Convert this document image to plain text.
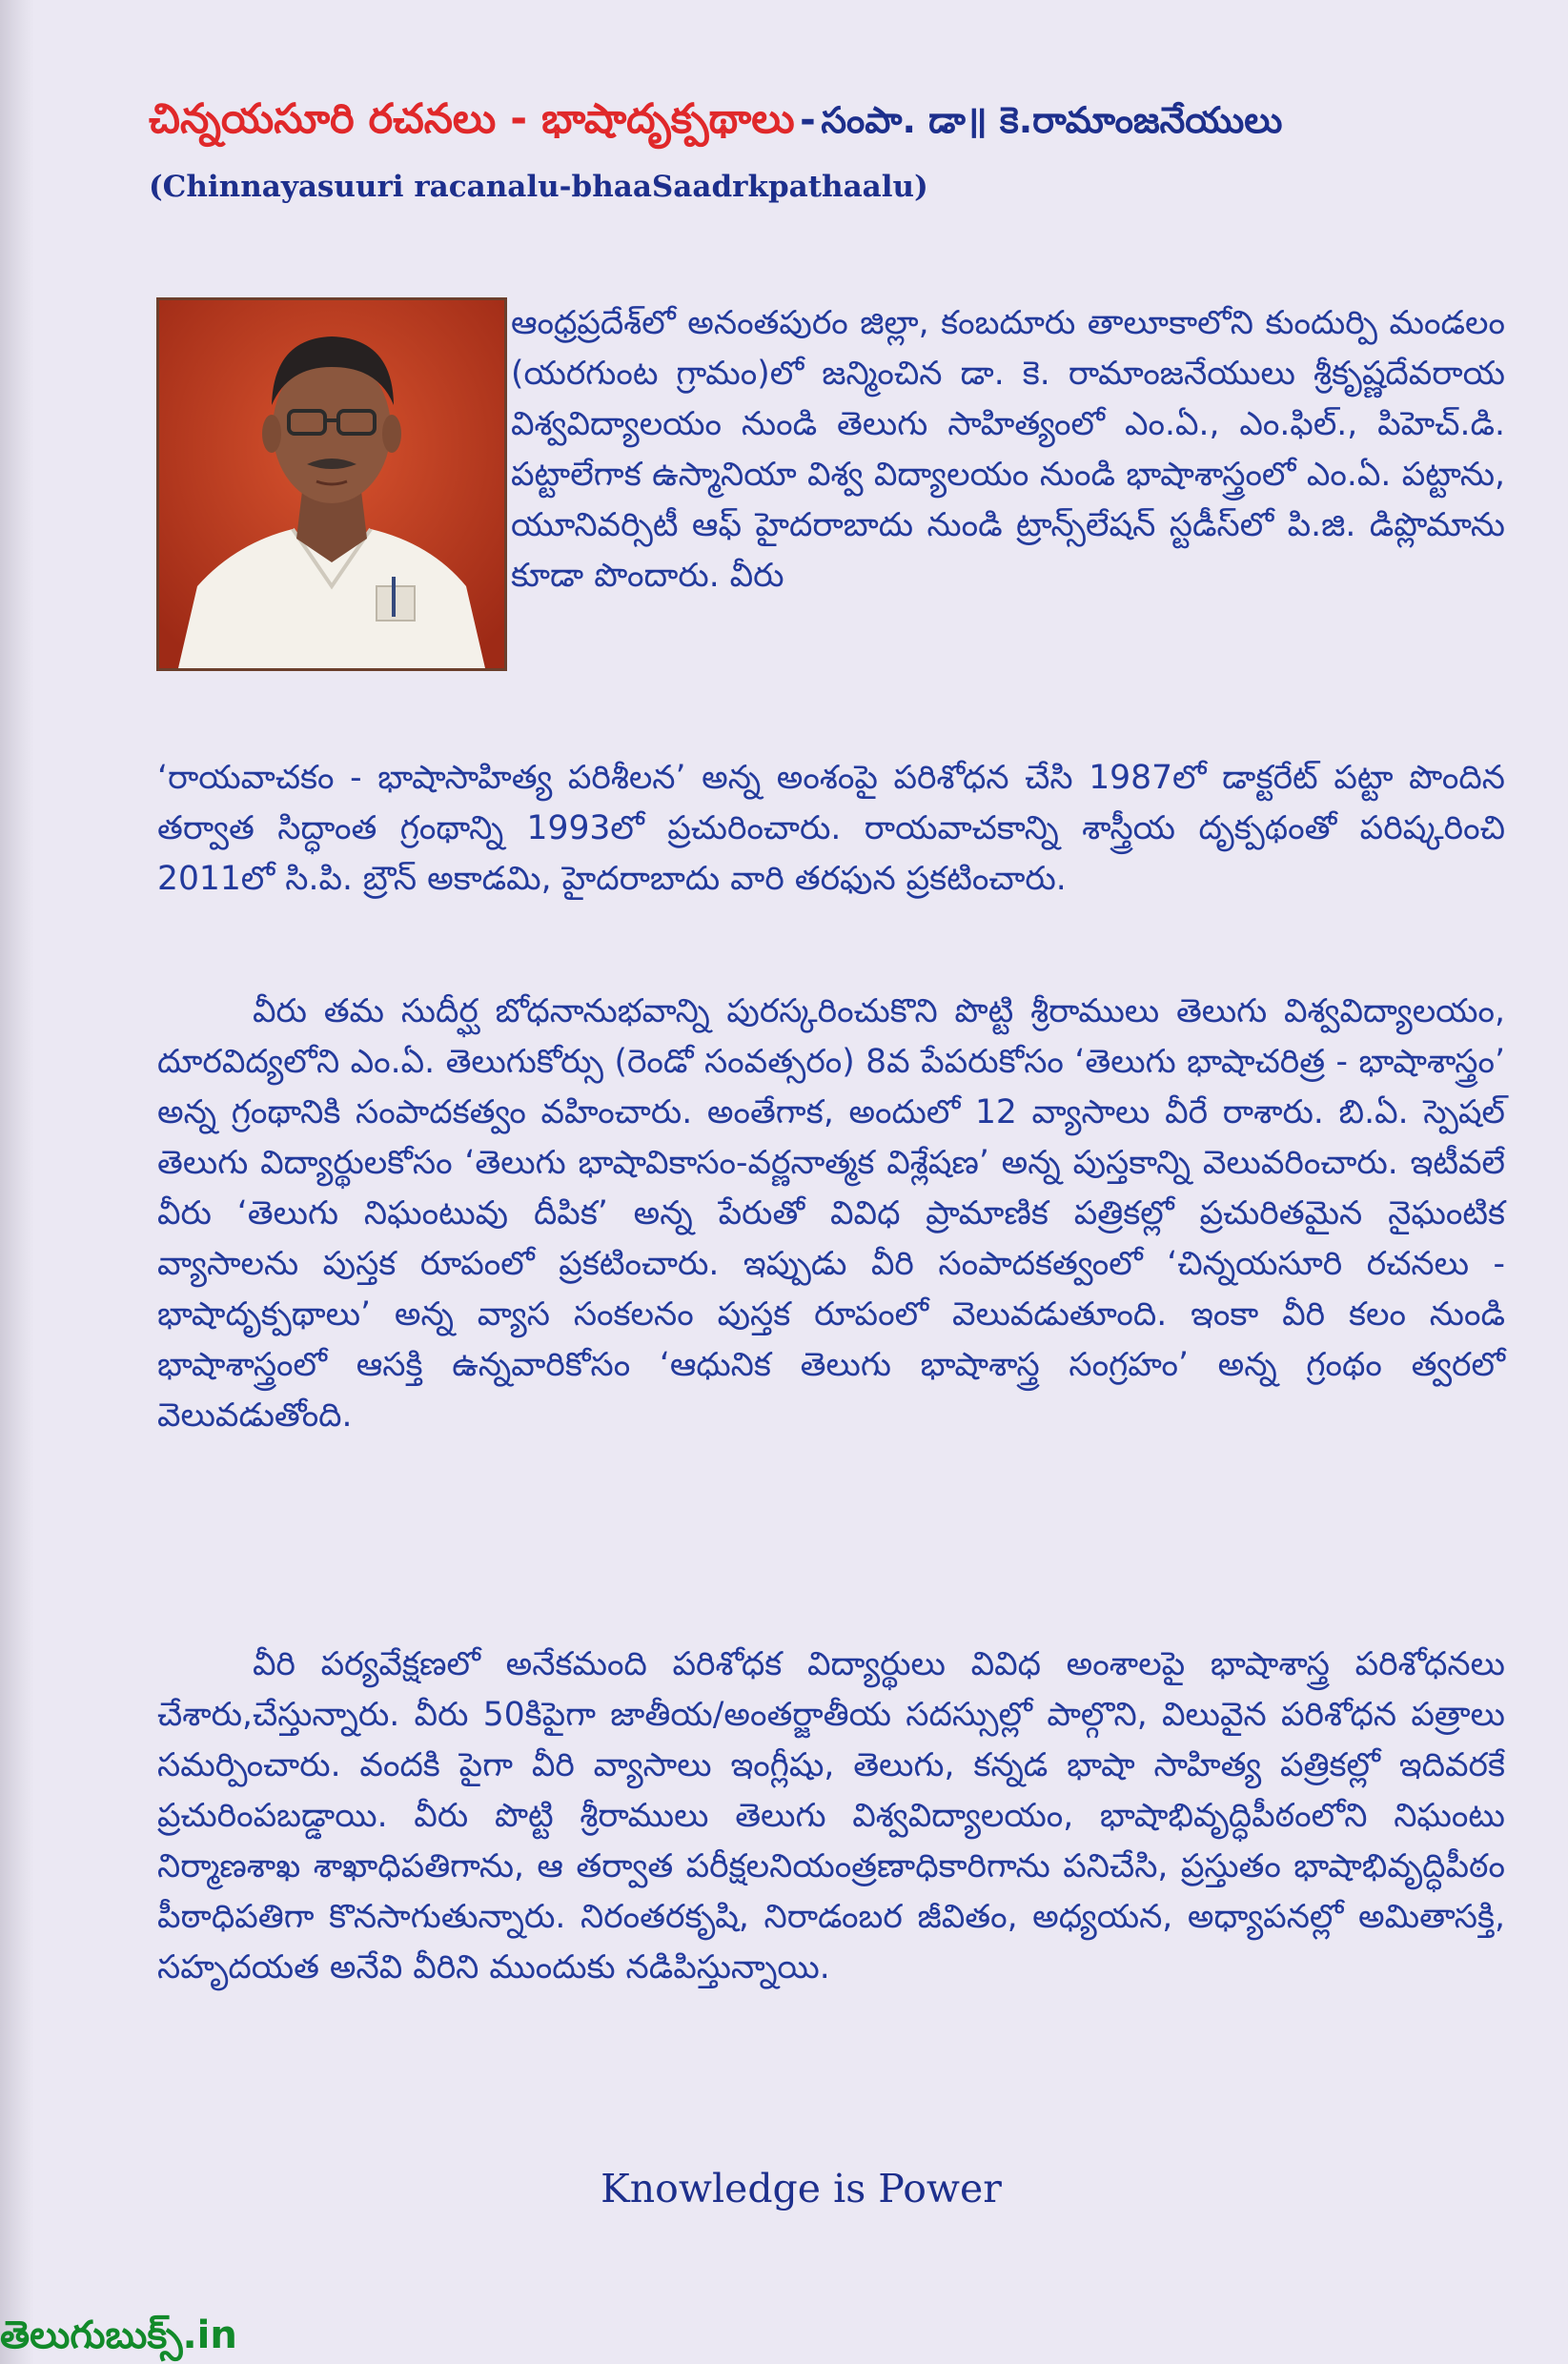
చిన్నయసూరి రచనలు - భాషాదృక్పథాలు - సంపా. డా॥ కె.రామాంజనేయులు
(Chinnayasuuri racanalu-bhaaSaadrkpathaalu)

ఆంధ్రప్రదేశ్‌లో అనంతపురం జిల్లా, కంబదూరు తాలూకాలోని కుందుర్పి మండలం (యరగుంట గ్రామం)లో జన్మించిన డా. కె. రామాంజనేయులు శ్రీకృష్ణదేవరాయ విశ్వవిద్యాలయం నుండి తెలుగు సాహిత్యంలో ఎం.ఏ., ఎం.ఫిల్., పిహెచ్.డి. పట్టాలేగాక ఉస్మానియా విశ్వ విద్యాలయం నుండి భాషాశాస్త్రంలో ఎం.ఏ. పట్టాను, యూనివర్సిటీ ఆఫ్ హైదరాబాదు నుండి ట్రాన్స్‌లేషన్ స్టడీస్‌లో పి.జి. డిప్లొమాను కూడా పొందారు. వీరు

‘రాయవాచకం - భాషాసాహిత్య పరిశీలన’ అన్న అంశంపై పరిశోధన చేసి 1987లో డాక్టరేట్ పట్టా పొందిన తర్వాత సిద్ధాంత గ్రంథాన్ని 1993లో ప్రచురించారు. రాయవాచకాన్ని శాస్త్రీయ దృక్పథంతో పరిష్కరించి 2011లో సి.పి. బ్రౌన్ అకాడమి, హైదరాబాదు వారి తరఫున ప్రకటించారు.

వీరు తమ సుదీర్ఘ బోధనానుభవాన్ని పురస్కరించుకొని పొట్టి శ్రీరాములు తెలుగు విశ్వవిద్యాలయం, దూరవిద్యలోని ఎం.ఏ. తెలుగుకోర్సు (రెండో సంవత్సరం) 8వ పేపరుకోసం ‘తెలుగు భాషాచరిత్ర - భాషాశాస్త్రం’ అన్న గ్రంథానికి సంపాదకత్వం వహించారు. అంతేగాక, అందులో 12 వ్యాసాలు వీరే రాశారు. బి.ఏ. స్పెషల్ తెలుగు విద్యార్థులకోసం ‘తెలుగు భాషావికాసం-వర్ణనాత్మక విశ్లేషణ’ అన్న పుస్తకాన్ని వెలువరించారు. ఇటీవలే వీరు ‘తెలుగు నిఘంటువు దీపిక’ అన్న పేరుతో వివిధ ప్రామాణిక పత్రికల్లో ప్రచురితమైన నైఘంటిక వ్యాసాలను పుస్తక రూపంలో ప్రకటించారు. ఇప్పుడు వీరి సంపాదకత్వంలో ‘చిన్నయసూరి రచనలు - భాషాదృక్పథాలు’ అన్న వ్యాస సంకలనం పుస్తక రూపంలో వెలువడుతూంది. ఇంకా వీరి కలం నుండి భాషాశాస్త్రంలో ఆసక్తి ఉన్నవారికోసం ‘ఆధునిక తెలుగు భాషాశాస్త్ర సంగ్రహం’ అన్న గ్రంథం త్వరలో వెలువడుతోంది.

వీరి పర్యవేక్షణలో అనేకమంది పరిశోధక విద్యార్థులు వివిధ అంశాలపై భాషాశాస్త్ర పరిశోధనలు చేశారు,చేస్తున్నారు. వీరు 50కిపైగా జాతీయ/అంతర్జాతీయ సదస్సుల్లో పాల్గొని, విలువైన పరిశోధన పత్రాలు సమర్పించారు. వందకి పైగా వీరి వ్యాసాలు ఇంగ్లీషు, తెలుగు, కన్నడ భాషా సాహిత్య పత్రికల్లో ఇదివరకే ప్రచురింపబడ్డాయి. వీరు పొట్టి శ్రీరాములు తెలుగు విశ్వవిద్యాలయం, భాషాభివృద్ధిపీఠంలోని నిఘంటు నిర్మాణశాఖ శాఖాధిపతిగాను, ఆ తర్వాత పరీక్షలనియంత్రణాధికారిగాను పనిచేసి, ప్రస్తుతం భాషాభివృద్ధిపీఠం పీఠాధిపతిగా కొనసాగుతున్నారు. నిరంతరకృషి, నిరాడంబర జీవితం, అధ్యయన, అధ్యాపనల్లో అమితాసక్తి, సహృదయత అనేవి వీరిని ముందుకు నడిపిస్తున్నాయి.

Knowledge is Power
తెలుగుబుక్స్.in
